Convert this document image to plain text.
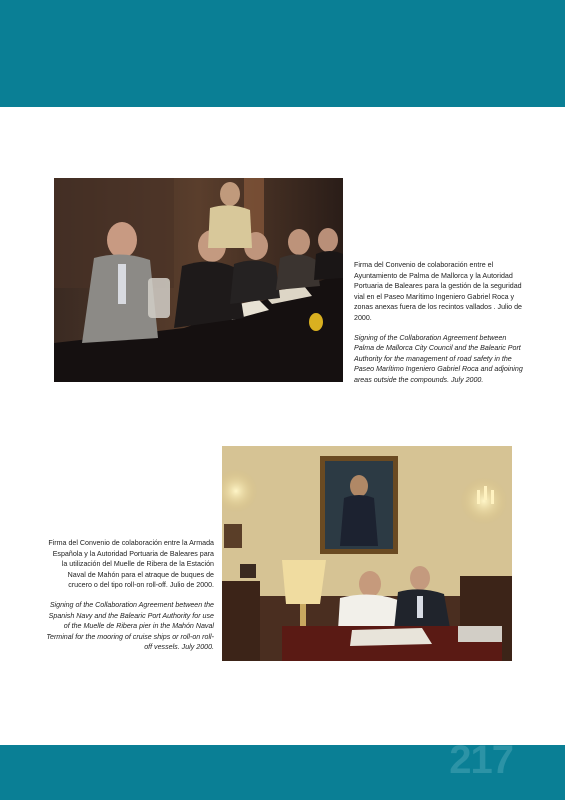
Firma del Convenio de colaboración entre el Ayuntamiento de Palma de Mallorca y la Autoridad Portuaria de Baleares para la gestión de la seguridad vial en el Paseo Marítimo Ingeniero Gabriel Roca y zonas anexas fuera de los recintos vallados . Julio de 2000.

Signing of the Collaboration Agreement between Palma de Mallorca City Council and the Balearic Port Authority for the management of road safety in the Paseo Marítimo Ingeniero Gabriel Roca and adjoining areas outside the compounds. July 2000.

Firma del Convenio de colaboración entre la Armada Española y la Autoridad Portuaria de Baleares para la utilización del Muelle de Ribera de la Estación Naval de Mahón para el atraque de buques de crucero o del tipo roll-on roll-off. Julio de 2000.

Signing of the Collaboration Agreement between the Spanish Navy and the Balearic Port Authority for use of the Muelle de Ribera pier in the Mahón Naval Terminal for the mooring of cruise ships or roll-on roll-off vessels. July 2000.

217
